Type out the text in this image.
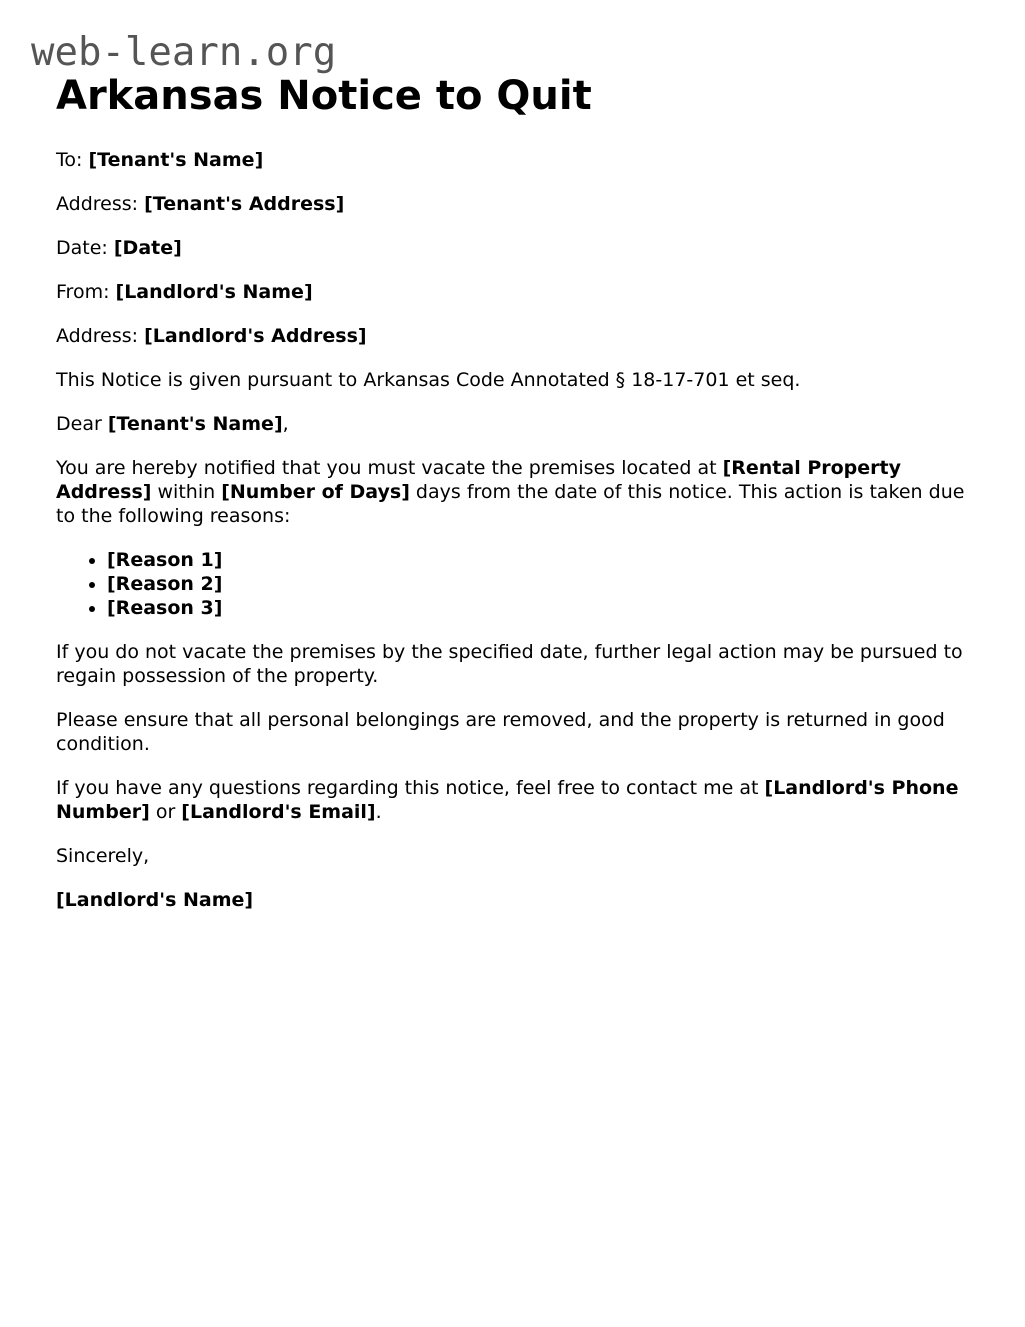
web-learn.org
Arkansas Notice to Quit

To: [Tenant's Name]

Address: [Tenant's Address]

Date: [Date]

From: [Landlord's Name]

Address: [Landlord's Address]

This Notice is given pursuant to Arkansas Code Annotated § 18-17-701 et seq.

Dear [Tenant's Name],

You are hereby notified that you must vacate the premises located at [Rental Property Address] within [Number of Days] days from the date of this notice. This action is taken due to the following reasons:

• [Reason 1]
• [Reason 2]
• [Reason 3]

If you do not vacate the premises by the specified date, further legal action may be pursued to regain possession of the property.

Please ensure that all personal belongings are removed, and the property is returned in good condition.

If you have any questions regarding this notice, feel free to contact me at [Landlord's Phone Number] or [Landlord's Email].

Sincerely,

[Landlord's Name]
